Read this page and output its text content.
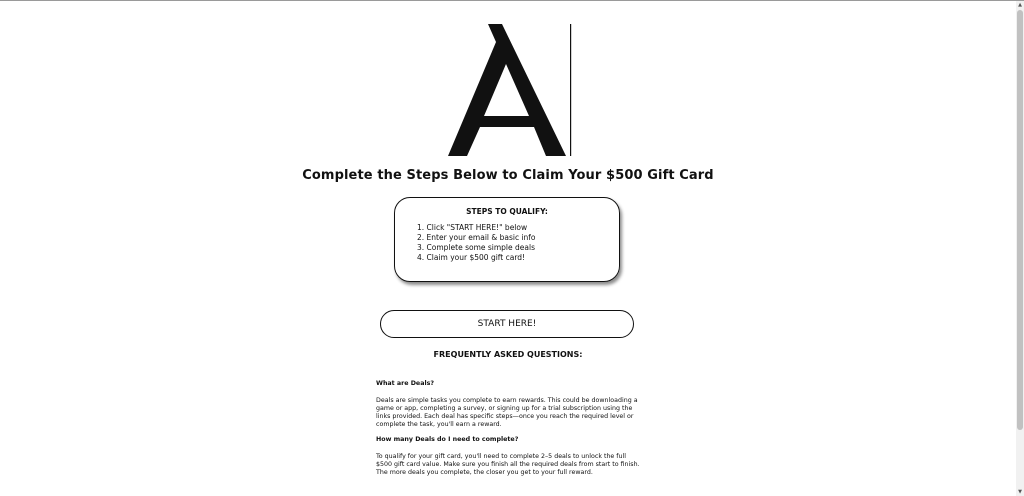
Complete the Steps Below to Claim Your $500 Gift Card
STEPS TO QUALIFY:
1. Click "START HERE!" below
2. Enter your email & basic info
3. Complete some simple deals
4. Claim your $500 gift card!
START HERE!
FREQUENTLY ASKED QUESTIONS:

What are Deals?

Deals are simple tasks you complete to earn rewards. This could be downloading a game or app, completing a survey, or signing up for a trial subscription using the links provided. Each deal has specific steps—once you reach the required level or complete the task, you'll earn a reward.

How many Deals do I need to complete?

To qualify for your gift card, you'll need to complete 2–5 deals to unlock the full $500 gift card value. Make sure you finish all the required deals from start to finish. The more deals you complete, the closer you get to your full reward.

▲
▼
